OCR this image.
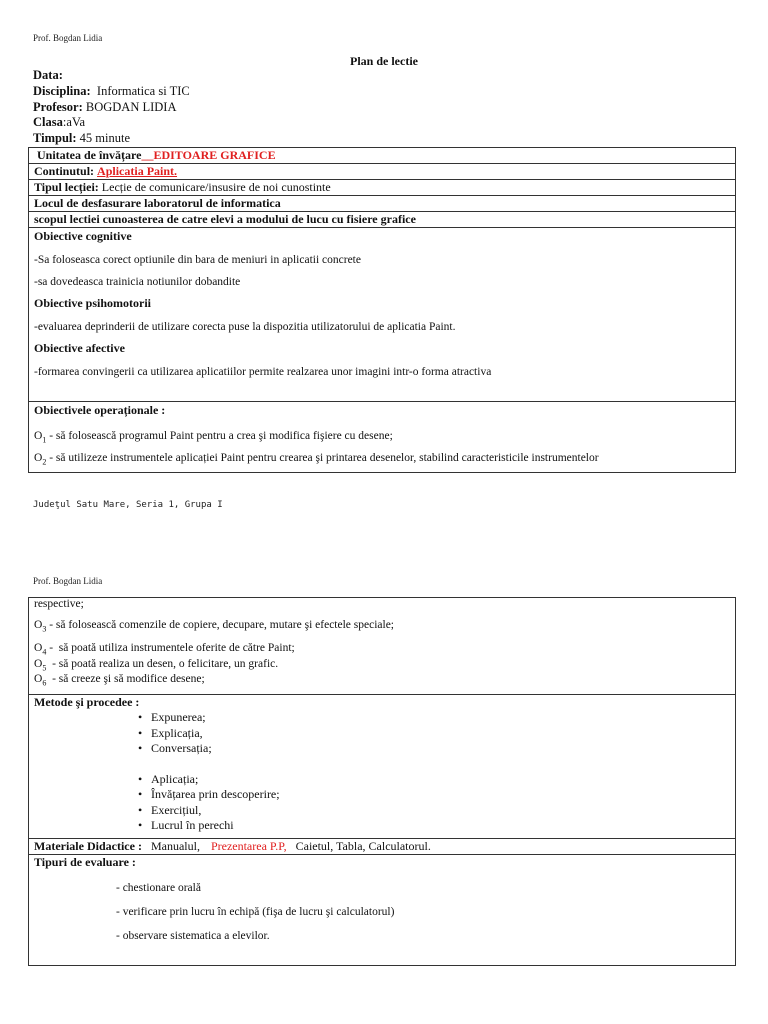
Prof. Bogdan Lidia
Plan de lectie
Data:
Disciplina:  Informatica si TIC
Profesor: BOGDAN LIDIA
Clasa:aVa
Timpul: 45 minute
Unitatea de învățare__EDITOARE GRAFICE
Continutul: Aplicatia Paint.
Tipul lecției: Lecție de comunicare/insusire de noi cunostinte
Locul de desfasurare laboratorul de informatica
scopul lectiei cunoasterea de catre elevi a modului de lucu cu fisiere grafice

Obiective cognitive

-Sa foloseasca corect optiunile din bara de meniuri in aplicatii concrete

-sa dovedeasca trainicia notiunilor dobandite

Obiective psihomotorii

-evaluarea deprinderii de utilizare corecta puse la dispozitia utilizatorului de aplicatia Paint.

Obiective afective

-formarea convingerii ca utilizarea aplicatiilor permite realzarea unor imagini intr-o forma atractiva

Obiectivele operaționale :

$O_1$ - să folosească programul Paint pentru a crea şi modifica fişiere cu desene;

$O_2$ - să utilizeze instrumentele aplicației Paint pentru crearea şi printarea desenelor, stabilind caracteristicile instrumentelor

Judeţul Satu Mare, Seria 1, Grupa I
Prof. Bogdan Lidia

respective;

$O_3$ - să folosească comenzile de copiere, decupare, mutare şi efectele speciale;

$O_4$ -  să poată utiliza instrumentele oferite de către Paint;

$O_5$  - să poată realiza un desen, o felicitare, un grafic.

$O_6$  - să creeze şi să modifice desene;

Metode şi procedee :
• Expunerea;
• Explicația,
• Conversația;
• Aplicația;
• Învățarea prin descoperire;
• Exercițiul,
• Lucrul în perechi

Materiale Didactice :   Manualul, Prezentarea P.P,   Caietul, Tabla, Calculatorul.

Tipuri de evaluare :

- chestionare orală

- verificare prin lucru în echipă (fişa de lucru şi calculatorul)

- observare sistematica a elevilor.
